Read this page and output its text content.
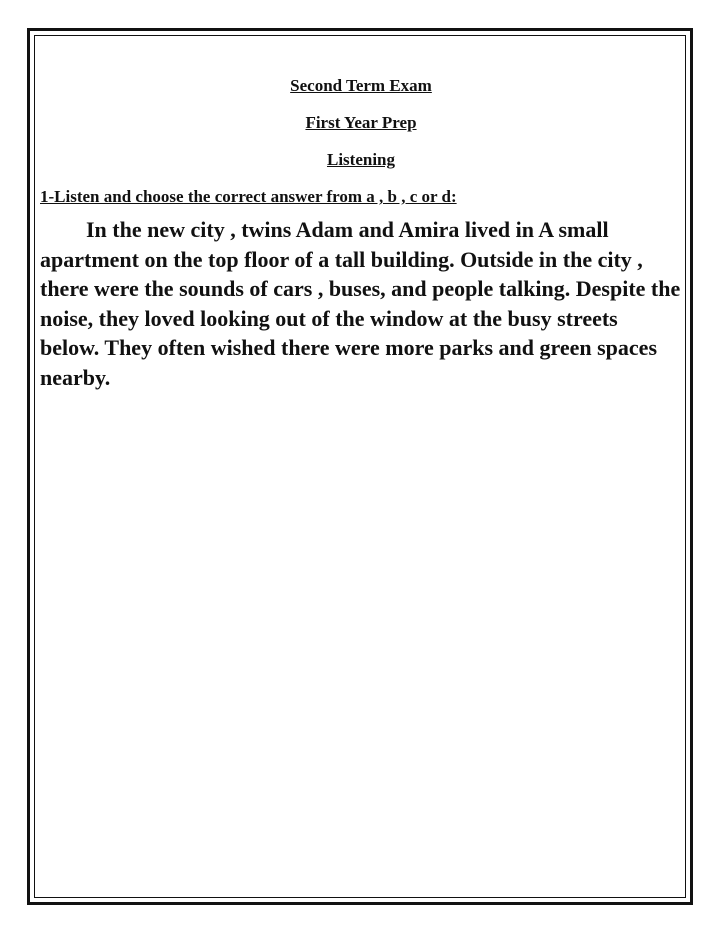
Second Term Exam

First Year Prep

Listening

1-Listen and choose the correct answer from a , b , c or d:

In the new city , twins Adam and Amira lived in A small apartment on the top floor of a tall building. Outside in the city , there were the sounds of cars , buses, and people talking. Despite the noise, they loved looking out of the window at the busy streets below. They often wished there were more parks and green spaces nearby.
